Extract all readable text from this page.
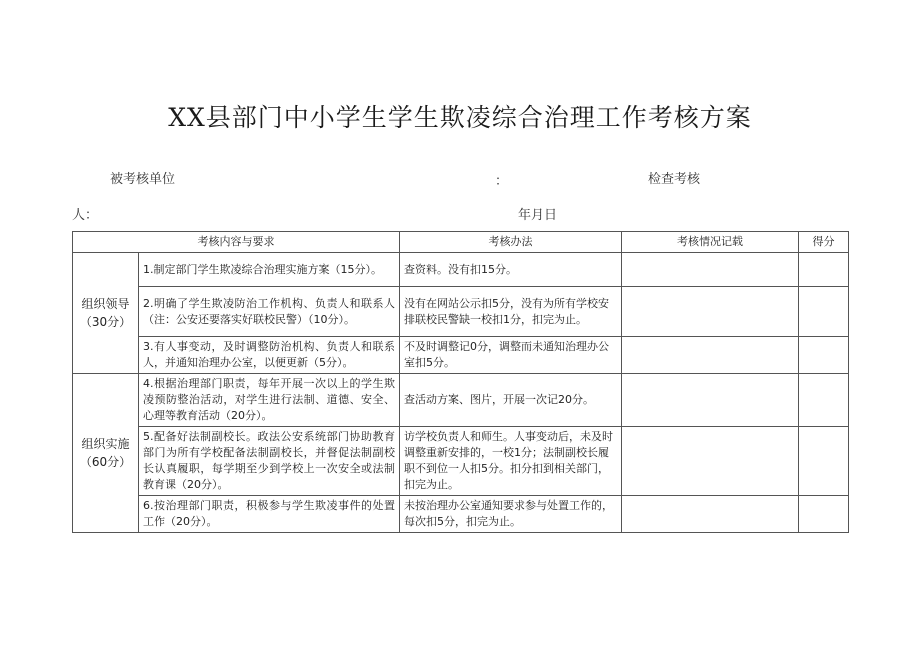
XX县部门中小学生学生欺凌综合治理工作考核方案
被考核单位	：	检查考核
人：	年月日
考核内容与要求		考核办法	考核情况记载	得分
组织领导（30分）	1.制定部门学生欺凌综合治理实施方案（15分）。	查资料。没有扣15分。		
	2.明确了学生欺凌防治工作机构、负责人和联系人（注：公安还要落实好联校民警）（10分）。	没有在网站公示扣5分，没有为所有学校安排联校民警缺一校扣1分，扣完为止。		
	3.有人事变动，及时调整防治机构、负责人和联系人，并通知治理办公室，以便更新（5分）。	不及时调整记0分，调整而未通知治理办公室扣5分。		
组织实施（60分）	4.根据治理部门职责，每年开展一次以上的学生欺凌预防整治活动，对学生进行法制、道德、安全、心理等教育活动（20分）。	查活动方案、图片，开展一次记20分。		
	5.配备好法制副校长。政法公安系统部门协助教育部门为所有学校配备法制副校长，并督促法制副校长认真履职，每学期至少到学校上一次安全或法制教育课（20分）。	访学校负责人和师生。人事变动后，未及时调整重新安排的，一校1分；法制副校长履职不到位一人扣5分。扣分扣到相关部门，扣完为止。		
	6.按治理部门职责，积极参与学生欺凌事件的处置工作（20分）。	未按治理办公室通知要求参与处置工作的，每次扣5分，扣完为止。		
